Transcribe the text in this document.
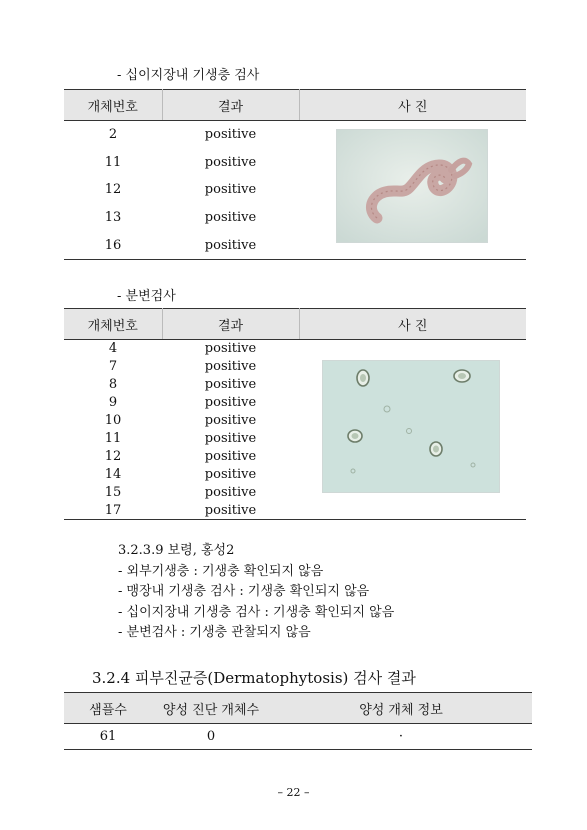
- 십이지장내 기생충 검사
개체번호	결과	사 진
2	positive	
11	positive	
12	positive	
13	positive	
16	positive	
- 분변검사
개체번호	결과	사 진
4	positive	
7	positive	
8	positive	
9	positive	
10	positive	
11	positive	
12	positive	
14	positive	
15	positive	
17	positive	
3.2.3.9 보령, 홍성2
- 외부기생충 : 기생충 확인되지 않음
- 맹장내 기생충 검사 : 기생충 확인되지 않음
- 십이지장내 기생충 검사 : 기생충 확인되지 않음
- 분변검사 : 기생충 관찰되지 않음
3.2.4 피부진균증(Dermatophytosis) 검사 결과
샘플수	양성 진단 개체수	양성 개체 정보
61	0	·
– 22 –
